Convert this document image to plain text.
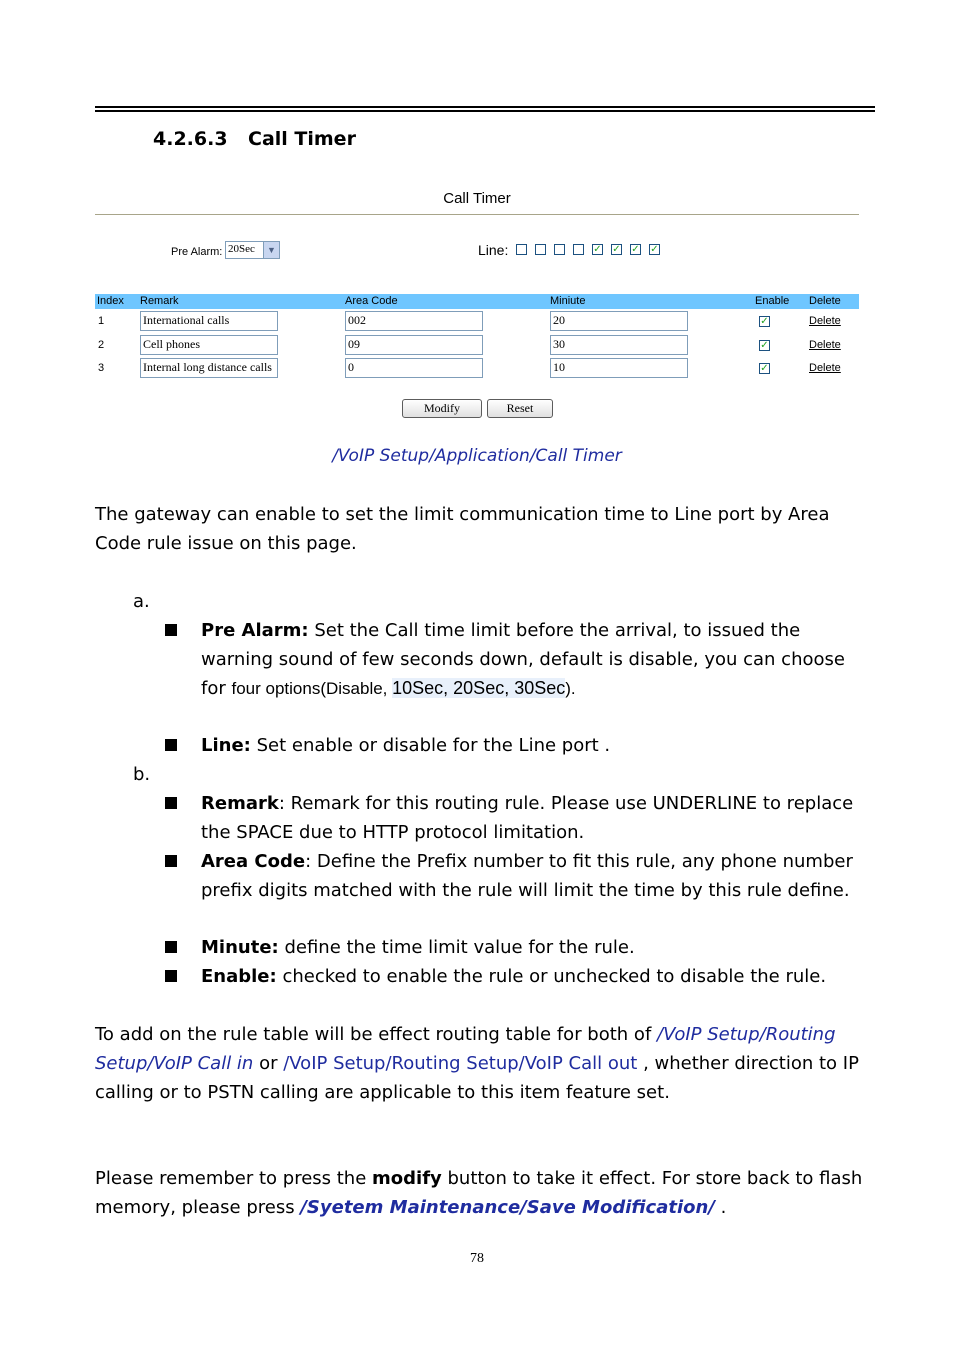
4.2.6.3 Call Timer
Call Timer
Pre Alarm: 20Sec	▼	Line:	✓ ✓ ✓ ✓
Index Remark	Area Code	Miniute	Enable Delete
1	International calls	002	20	✓	Delete
2	Cell phones	09	30	✓	Delete
3	Internal long distance calls	0	10	✓	Delete
Modify	Reset
/VoIP Setup/Application/Call Timer
The gateway can enable to set the limit communication time to Line port by Area Code rule issue on this page.
a.
Pre Alarm: Set the Call time limit before the arrival, to issued the warning sound of few seconds down, default is disable, you can choose for four options(Disable, 10Sec, 20Sec, 30Sec).
Line: Set enable or disable for the Line port .
b.
Remark: Remark for this routing rule. Please use UNDERLINE to replace the SPACE due to HTTP protocol limitation.
Area Code: Define the Prefix number to fit this rule, any phone number prefix digits matched with the rule will limit the time by this rule define.
Minute: define the time limit value for the rule.
Enable: checked to enable the rule or unchecked to disable the rule.
To add on the rule table will be effect routing table for both of /VoIP Setup/Routing Setup/VoIP Call in or /VoIP Setup/Routing Setup/VoIP Call out , whether direction to IP calling or to PSTN calling are applicable to this item feature set.
Please remember to press the modify button to take it effect. For store back to flash memory, please press /Syetem Maintenance/Save Modification/ .
78
